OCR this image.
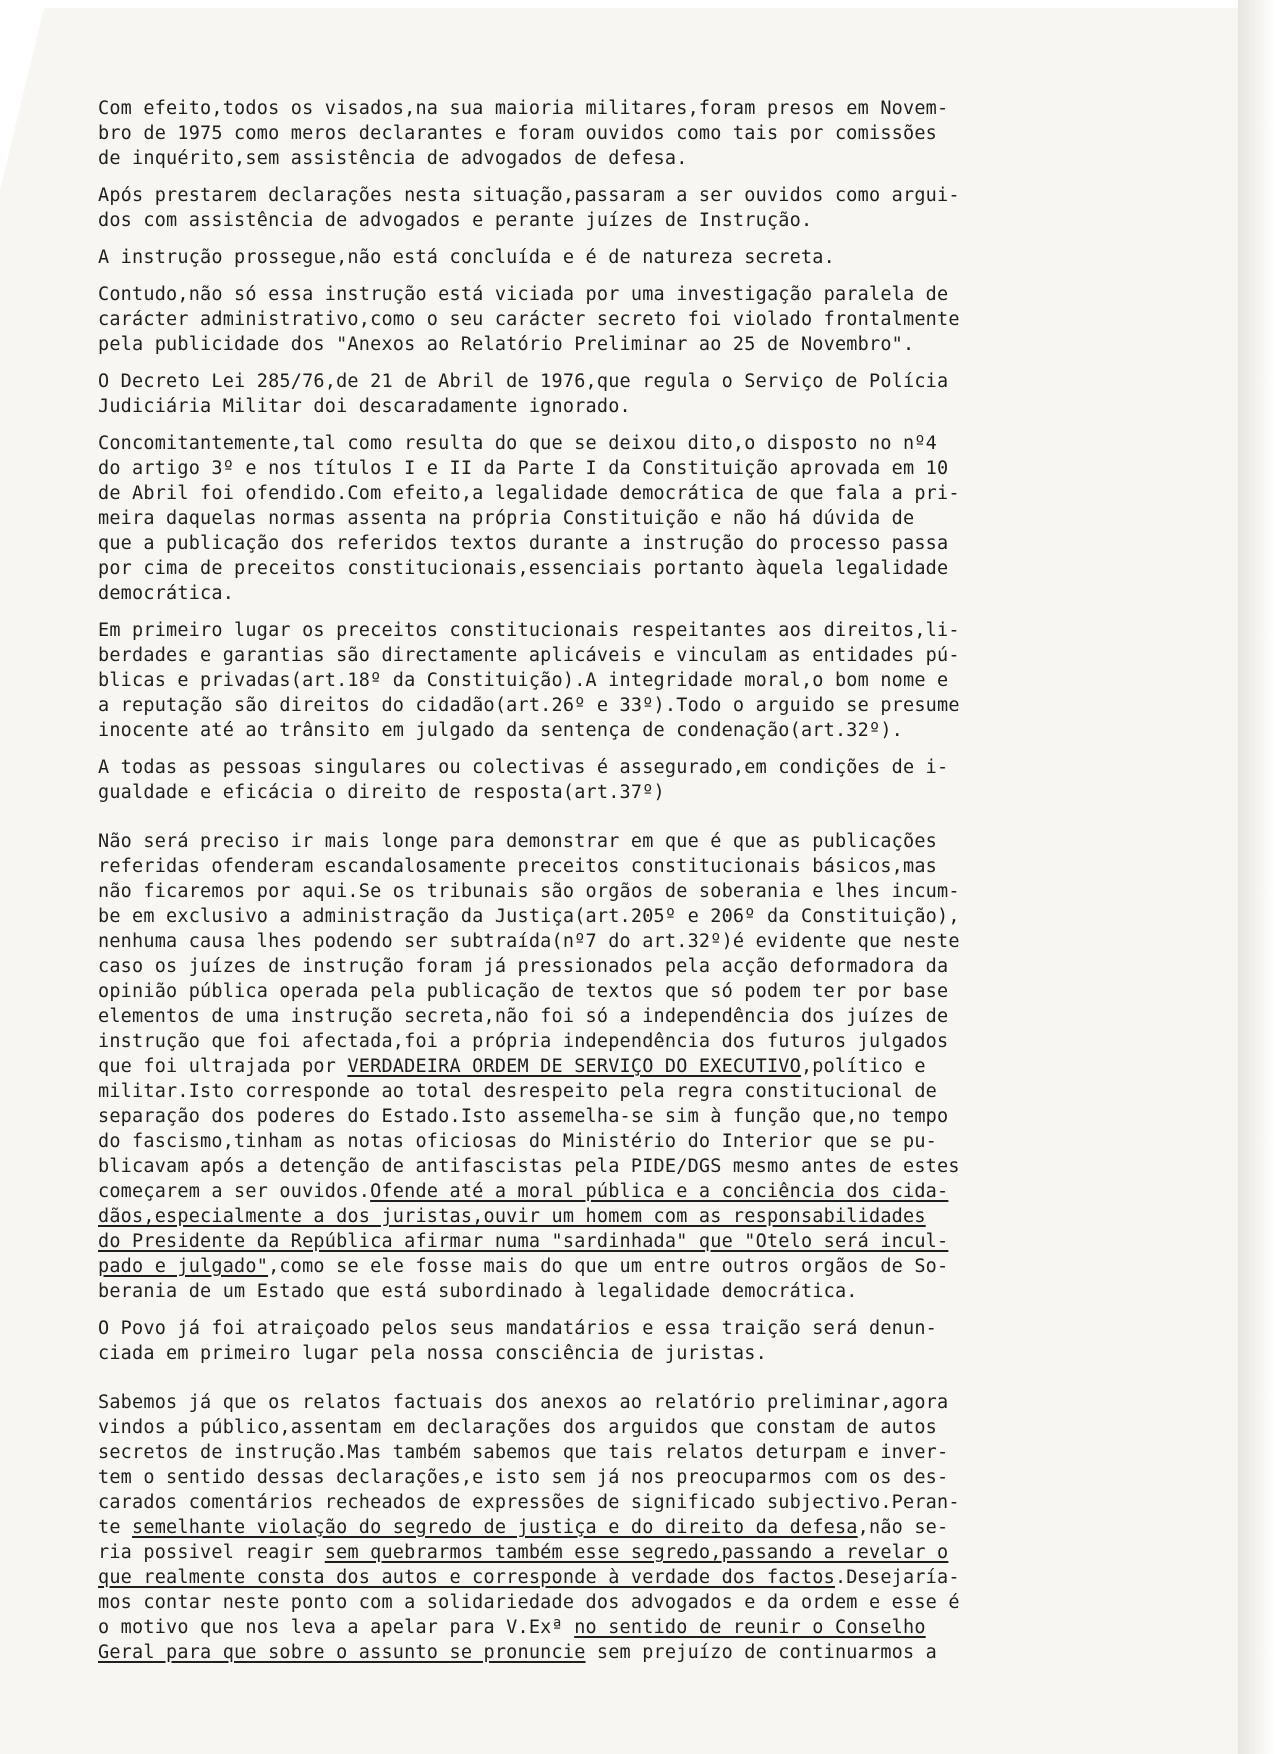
Com efeito,todos os visados,na sua maioria militares,foram presos em Novem-
bro de 1975 como meros declarantes e foram ouvidos como tais por comissões
de inquérito,sem assistência de advogados de defesa.
Após prestarem declarações nesta situação,passaram a ser ouvidos como argui-
dos com assistência de advogados e perante juízes de Instrução.
A instrução prossegue,não está concluída e é de natureza secreta.
Contudo,não só essa instrução está viciada por uma investigação paralela de
carácter administrativo,como o seu carácter secreto foi violado frontalmente
pela publicidade dos "Anexos ao Relatório Preliminar ao 25 de Novembro".
O Decreto Lei 285/76,de 21 de Abril de 1976,que regula o Serviço de Polícia
Judiciária Militar doi descaradamente ignorado.
Concomitantemente,tal como resulta do que se deixou dito,o disposto no nº4
do artigo 3º e nos títulos I e II da Parte I da Constituição aprovada em 10
de Abril foi ofendido.Com efeito,a legalidade democrática de que fala a pri-
meira daquelas normas assenta na própria Constituição e não há dúvida de
que a publicação dos referidos textos durante a instrução do processo passa
por cima de preceitos constitucionais,essenciais portanto àquela legalidade
democrática.
Em primeiro lugar os preceitos constitucionais respeitantes aos direitos,li-
berdades e garantias são directamente aplicáveis e vinculam as entidades pú-
blicas e privadas(art.18º da Constituição).A integridade moral,o bom nome e
a reputação são direitos do cidadão(art.26º e 33º).Todo o arguido se presume
inocente até ao trânsito em julgado da sentença de condenação(art.32º).
A todas as pessoas singulares ou colectivas é assegurado,em condições de i-
gualdade e eficácia o direito de resposta(art.37º)
Não será preciso ir mais longe para demonstrar em que é que as publicações
referidas ofenderam escandalosamente preceitos constitucionais básicos,mas
não ficaremos por aqui.Se os tribunais são orgãos de soberania e lhes incum-
be em exclusivo a administração da Justiça(art.205º e 206º da Constituição),
nenhuma causa lhes podendo ser subtraída(nº7 do art.32º)é evidente que neste
caso os juízes de instrução foram já pressionados pela acção deformadora da
opinião pública operada pela publicação de textos que só podem ter por base
elementos de uma instrução secreta,não foi só a independência dos juízes de
instrução que foi afectada,foi a própria independência dos futuros julgados
que foi ultrajada por VERDADEIRA ORDEM DE SERVIÇO DO EXECUTIVO,político e
militar.Isto corresponde ao total desrespeito pela regra constitucional de
separação dos poderes do Estado.Isto assemelha-se sim à função que,no tempo
do fascismo,tinham as notas oficiosas do Ministério do Interior que se pu-
blicavam após a detenção de antifascistas pela PIDE/DGS mesmo antes de estes
começarem a ser ouvidos.Ofende até a moral pública e a conciência dos cida-
dãos,especialmente a dos juristas,ouvir um homem com as responsabilidades
do Presidente da República afirmar numa "sardinhada" que "Otelo será incul-
pado e julgado",como se ele fosse mais do que um entre outros orgãos de So-
berania de um Estado que está subordinado à legalidade democrática.
O Povo já foi atraiçoado pelos seus mandatários e essa traição será denun-
ciada em primeiro lugar pela nossa consciência de juristas.
Sabemos já que os relatos factuais dos anexos ao relatório preliminar,agora
vindos a público,assentam em declarações dos arguidos que constam de autos
secretos de instrução.Mas também sabemos que tais relatos deturpam e inver-
tem o sentido dessas declarações,e isto sem já nos preocuparmos com os des-
carados comentários recheados de expressões de significado subjectivo.Peran-
te semelhante violação do segredo de justiça e do direito da defesa,não se-
ria possivel reagir sem quebrarmos também esse segredo,passando a revelar o
que realmente consta dos autos e corresponde à verdade dos factos.Desejaría-
mos contar neste ponto com a solidariedade dos advogados e da ordem e esse é
o motivo que nos leva a apelar para V.Exª no sentido de reunir o Conselho
Geral para que sobre o assunto se pronuncie sem prejuízo de continuarmos a
